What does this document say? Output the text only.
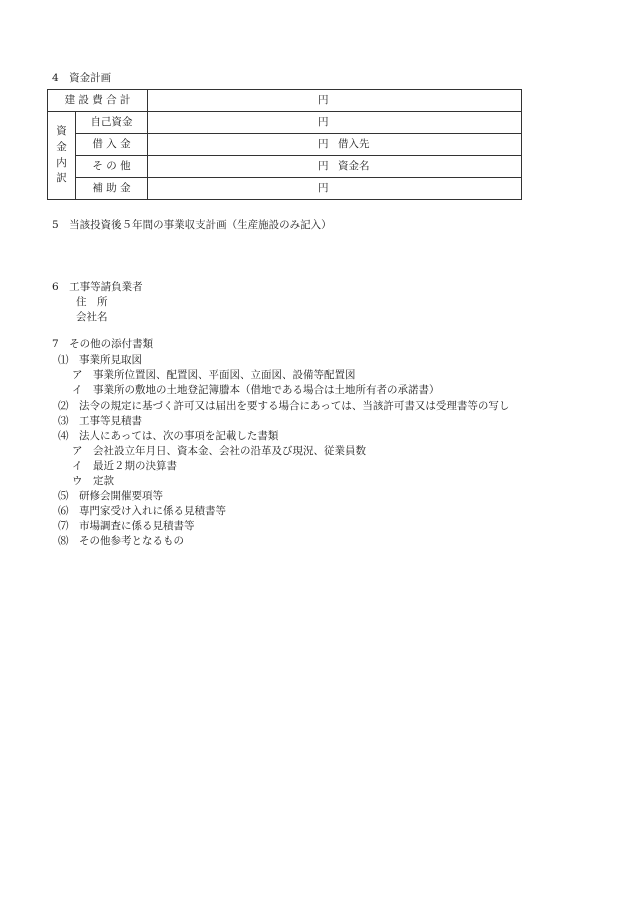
4　資金計画
建 設 費 合 計		円

資
金
内
訳	自己資金	円

	借 入 金	円 借入先

	そ の 他	円 資金名

	補 助 金	円
5　当該投資後５年間の事業収支計画（生産施設のみ記入）
6　工事等請負業者
住　所
会社名
7　その他の添付書類
⑴　事業所見取図
ア　事業所位置図、配置図、平面図、立面図、設備等配置図
イ　事業所の敷地の土地登記簿謄本（借地である場合は土地所有者の承諾書）
⑵　法令の規定に基づく許可又は届出を要する場合にあっては、当該許可書又は受理書等の写し
⑶　工事等見積書
⑷　法人にあっては、次の事項を記載した書類
ア　会社設立年月日、資本金、会社の沿革及び現況、従業員数
イ　最近２期の決算書
ウ　定款
⑸　研修会開催要項等
⑹　専門家受け入れに係る見積書等
⑺　市場調査に係る見積書等
⑻　その他参考となるもの
